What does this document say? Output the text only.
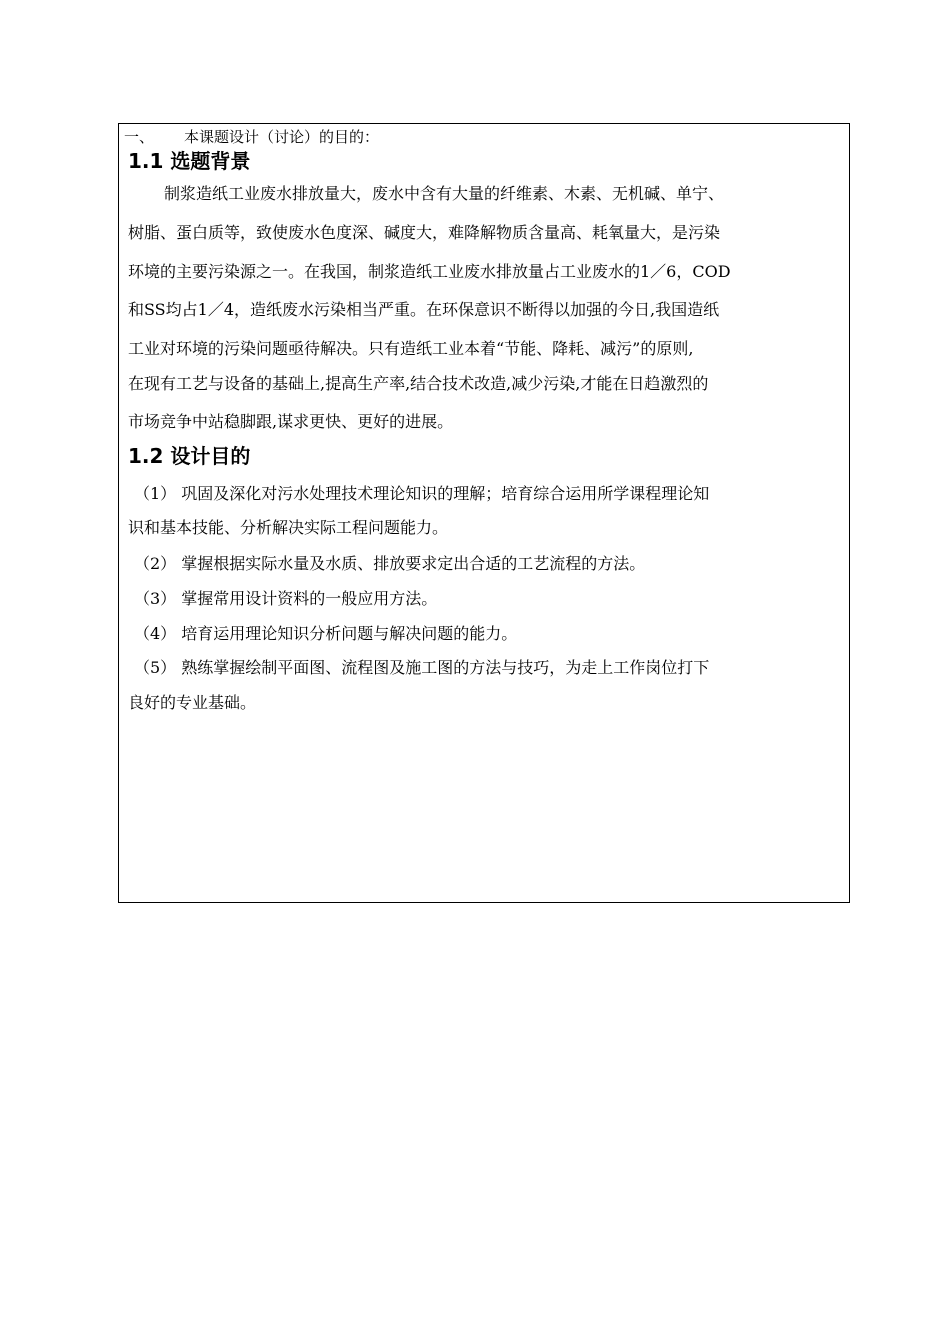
一、 本课题设计（讨论）的目的：
1.1 选题背景
制浆造纸工业废水排放量大，废水中含有大量的纤维素、木素、无机碱、单宁、
树脂、蛋白质等，致使废水色度深、碱度大，难降解物质含量高、耗氧量大，是污染
环境的主要污染源之一。在我国，制浆造纸工业废水排放量占工业废水的1／6，COD
和SS均占1／4，造纸废水污染相当严重。在环保意识不断得以加强的今日,我国造纸
工业对环境的污染问题亟待解决。只有造纸工业本着“节能、降耗、减污”的原则,
在现有工艺与设备的基础上,提高生产率,结合技术改造,减少污染,才能在日趋激烈的
市场竞争中站稳脚跟,谋求更快、更好的进展。
1.2 设计目的
（1） 巩固及深化对污水处理技术理论知识的理解；培育综合运用所学课程理论知
识和基本技能、分析解决实际工程问题能力。
（2） 掌握根据实际水量及水质、排放要求定出合适的工艺流程的方法。
（3） 掌握常用设计资料的一般应用方法。
（4） 培育运用理论知识分析问题与解决问题的能力。
（5） 熟练掌握绘制平面图、流程图及施工图的方法与技巧，为走上工作岗位打下
良好的专业基础。
